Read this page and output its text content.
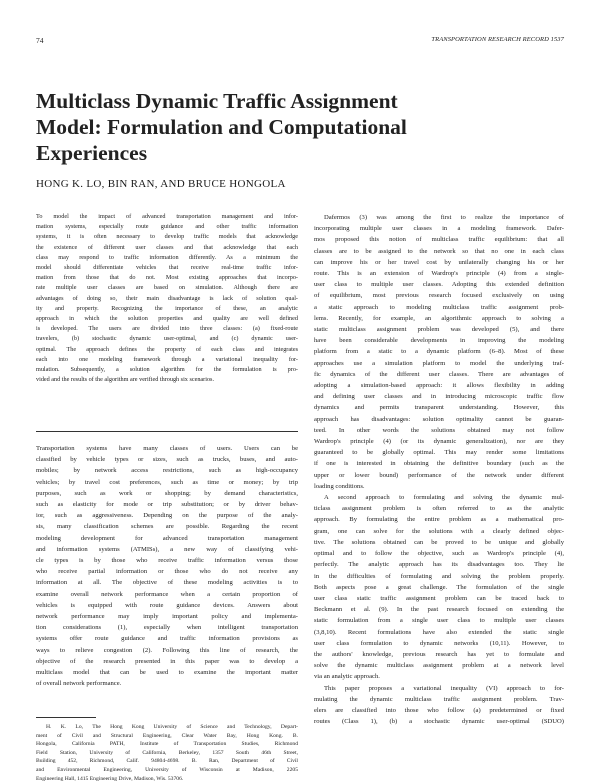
74	TRANSPORTATION RESEARCH RECORD 1537
Multiclass Dynamic Traffic Assignment
Model: Formulation and Computational
Experiences
HONG K. LO, BIN RAN, AND BRUCE HONGOLA
To model the impact of advanced transportation management and infor-
mation systems, especially route guidance and other traffic information
systems, it is often necessary to develop traffic models that acknowledge
the existence of different user classes and that acknowledge that each
class may respond to traffic information differently. As a minimum the
model should differentiate vehicles that receive real-time traffic infor-
mation from those that do not. Most existing approaches that incorpo-
rate multiple user classes are based on simulation. Although there are
advantages of doing so, their main disadvantage is lack of solution qual-
ity and property. Recognizing the importance of these, an analytic
approach in which the solution properties and quality are well defined
is developed. The users are divided into three classes: (a) fixed-route
travelers, (b) stochastic dynamic user-optimal, and (c) dynamic user-
optimal. The approach defines the property of each class and integrates
each into one modeling framework through a variational inequality for-
mulation. Subsequently, a solution algorithm for the formulation is pro-
vided and the results of the algorithm are verified through six scenarios.
Transportation systems have many classes of users. Users can be
classified by vehicle types or sizes, such as trucks, buses, and auto-
mobiles; by network access restrictions, such as high-occupancy
vehicles; by travel cost preferences, such as time or money; by trip
purposes, such as work or shopping; by demand characteristics,
such as elasticity for mode or trip substitution; or by driver behav-
ior, such as aggressiveness. Depending on the purpose of the analy-
sis, many classification schemes are possible. Regarding the recent
modeling development for advanced transportation management
and information systems (ATMISs), a new way of classifying vehi-
cle types is by those who receive traffic information versus those
who receive partial information or those who do not receive any
information at all. The objective of these modeling activities is to
examine overall network performance when a certain proportion of
vehicles is equipped with route guidance devices. Answers about
network performance may imply important policy and implementa-
tion considerations (1), especially when intelligent transportation
systems offer route guidance and traffic information provisions as
ways to relieve congestion (2). Following this line of research, the
objective of the research presented in this paper was to develop a
multiclass model that can be used to examine the important matter
of overall network performance.
H. K. Lo, The Hong Kong University of Science and Technology, Depart-
ment of Civil and Structural Engineering, Clear Water Bay, Hong Kong. B.
Hongola, California PATH, Institute of Transportation Studies, Richmond
Field Station, University of California, Berkeley, 1357 South 46th Street,
Building 452, Richmond, Calif. 94804-4698. B. Ran, Department of Civil
and Environmental Engineering, University of Wisconsin at Madison, 2205
Engineering Hall, 1415 Engineering Drive, Madison, Wis. 53706.
Dafermos (3) was among the first to realize the importance of
incorporating multiple user classes in a modeling framework. Dafer-
mos proposed this notion of multiclass traffic equilibrium: that all
classes are to be assigned to the network so that no one in each class
can improve his or her travel cost by unilaterally changing his or her
route. This is an extension of Wardrop's principle (4) from a single-
user class to multiple user classes. Adopting this extended definition
of equilibrium, most previous research focused exclusively on using
a static approach to modeling multiclass traffic assignment prob-
lems. Recently, for example, an algorithmic approach to solving a
static multiclass assignment problem was developed (5), and there
have been considerable developments in improving the modeling
platform from a static to a dynamic platform (6–8). Most of these
approaches use a simulation platform to model the underlying traf-
fic dynamics of the different user classes. There are advantages of
adopting a simulation-based approach: it allows flexibility in adding
and defining user classes and in introducing microscopic traffic flow
dynamics and permits transparent understanding. However, this
approach has disadvantages: solution optimality cannot be guaran-
teed. In other words the solutions obtained may not follow
Wardrop's principle (4) (or its dynamic generalization), nor are they
guaranteed to be globally optimal. This may render some limitations
if one is interested in obtaining the definitive boundary (such as the
upper or lower bound) performance of the network under different
loading conditions.
A second approach to formulating and solving the dynamic mul-
ticlass assignment problem is often referred to as the analytic
approach. By formulating the entire problem as a mathematical pro-
gram, one can solve for the solutions with a clearly defined objec-
tive. The solutions obtained can be proved to be unique and globally
optimal and to follow the objective, such as Wardrop's principle (4),
perfectly. The analytic approach has its disadvantages too. They lie
in the difficulties of formulating and solving the problem properly.
Both aspects pose a great challenge. The formulation of the single
user class static traffic assignment problem can be traced back to
Beckmann et al. (9). In the past research focused on extending the
static formulation from a single user class to multiple user classes
(3,8,10). Recent formulations have also extended the static single
user class formulation to dynamic networks (10,11). However, to
the authors' knowledge, previous research has yet to formulate and
solve the dynamic multiclass assignment problem at a network level
via an analytic approach.
This paper proposes a variational inequality (VI) approach to for-
mulating the dynamic multiclass traffic assignment problem. Trav-
elers are classified into those who follow (a) predetermined or fixed
routes (Class 1), (b) a stochastic dynamic user-optimal (SDUO)
